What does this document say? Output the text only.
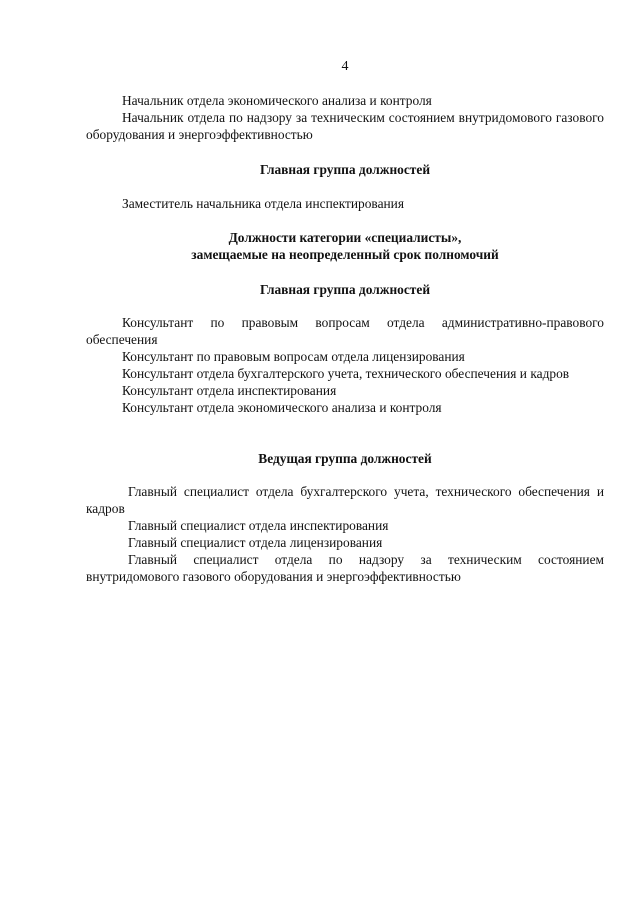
4

Начальник отдела экономического анализа и контроля

Начальник отдела по надзору за техническим состоянием внутридомового газового оборудования и энергоэффективностью

Главная группа должностей

Заместитель начальника отдела инспектирования

Должности категории «специалисты»,

замещаемые на неопределенный срок полномочий

Главная группа должностей

Консультант по правовым вопросам отдела административно-правового обеспечения

Консультант по правовым вопросам отдела лицензирования

Консультант отдела бухгалтерского учета, технического обеспечения и кадров

Консультант отдела инспектирования

Консультант отдела экономического анализа и контроля

Ведущая группа должностей

Главный специалист отдела бухгалтерского учета, технического обеспечения и кадров

Главный специалист отдела инспектирования

Главный специалист отдела лицензирования

Главный специалист отдела по надзору за техническим состоянием внутридомового газового оборудования и энергоэффективностью
